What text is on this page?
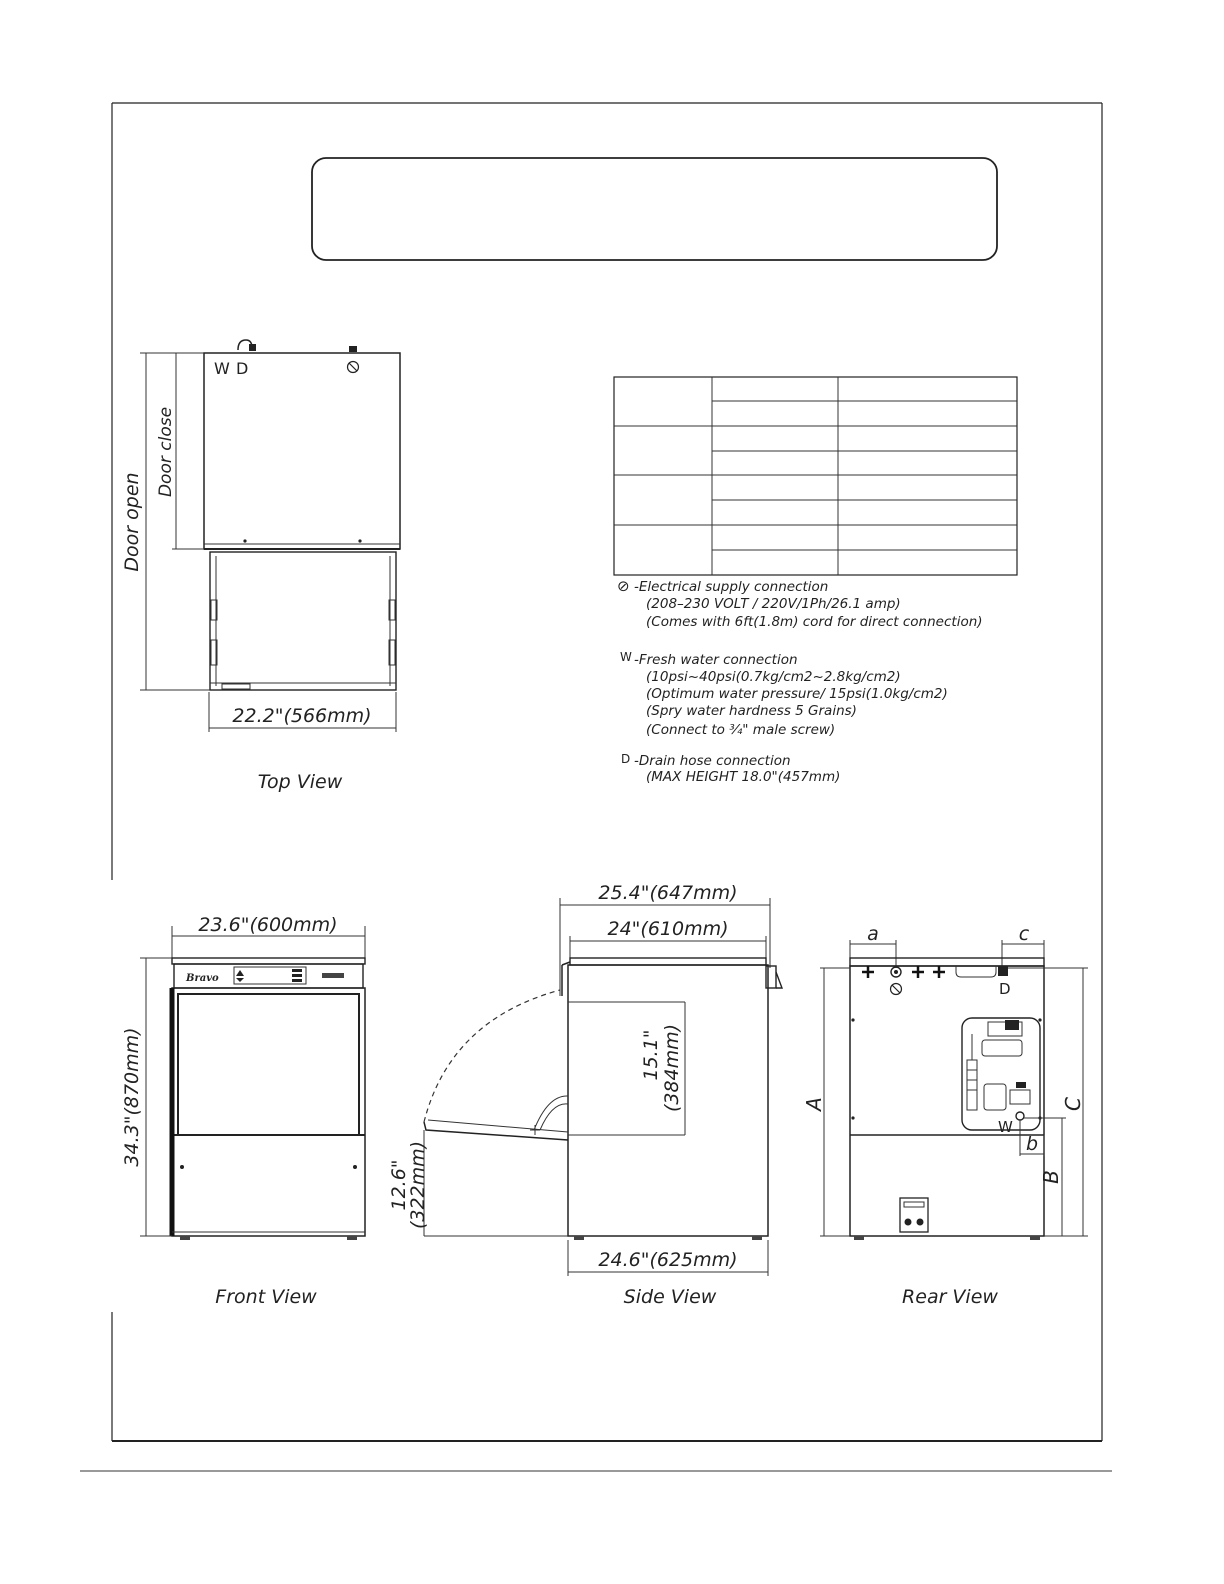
W D
22.2"(566mm)
Door open
Door close
Top View
⊘ -Electrical supply connection
(208–230 VOLT / 220V/1Ph/26.1 amp)
(Comes with 6ft(1.8m) cord for direct connection)
W -Fresh water connection
(10psi~40psi(0.7kg/cm2~2.8kg/cm2)
(Optimum water pressure/ 15psi(1.0kg/cm2)
(Spry water hardness 5 Grains)
(Connect to ¾" male screw)
D -Drain hose connection
(MAX HEIGHT 18.0"(457mm)
23.6"(600mm)
Bravo
34.3"(870mm)
Front View
25.4"(647mm)
24"(610mm)
15.1" (384mm)
12.6"
(322mm)
24.6"(625mm)
Side View
a	c
D
W
b
A	C
B
Rear View
